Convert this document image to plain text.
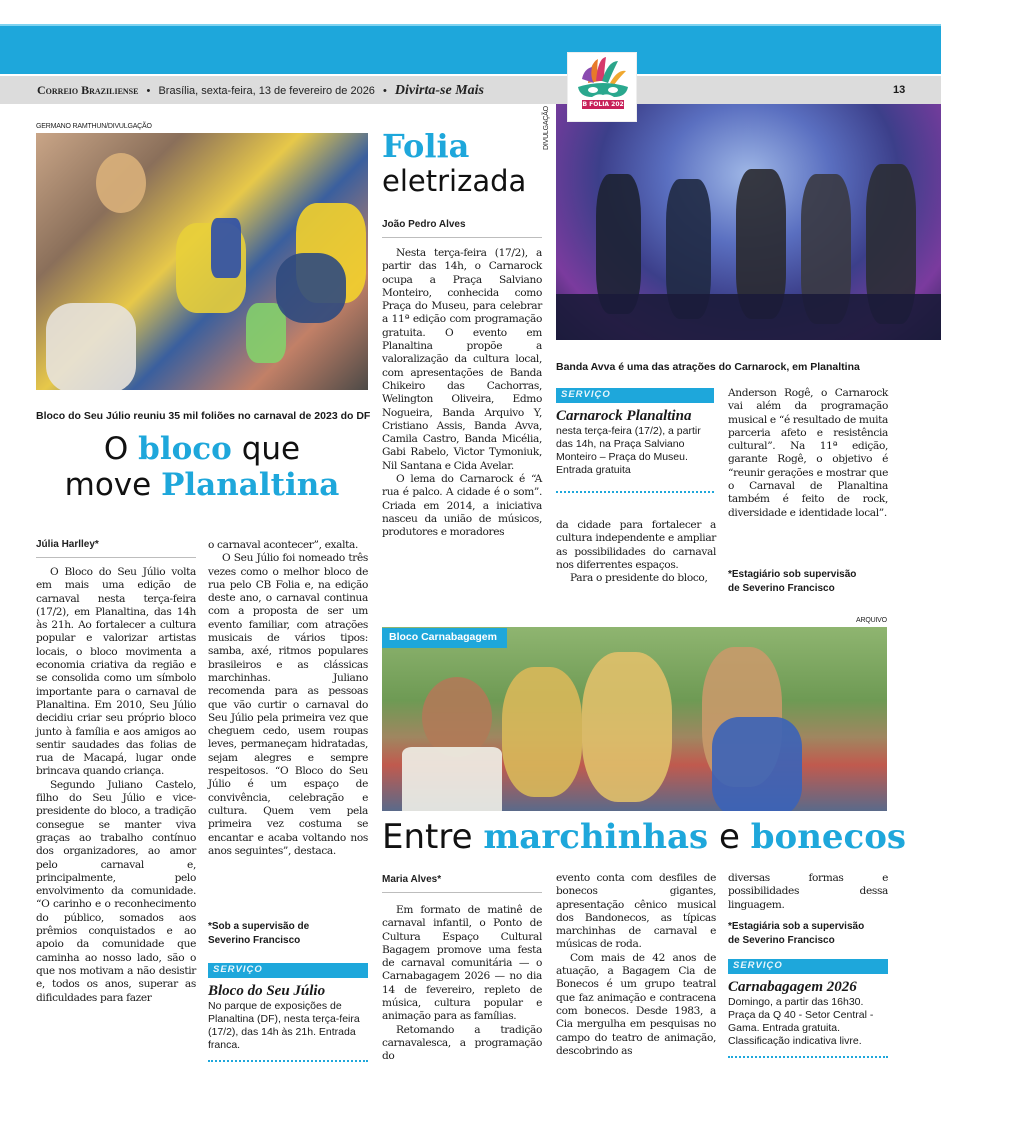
Correio Braziliense • Brasília, sexta-feira, 13 de fevereiro de 2026 • Divirta-se Mais	13
CB FOLIA 2026
GERMANO RAMTHUN/DIVULGAÇÃO
Bloco do Seu Júlio reuniu 35 mil foliões no carnaval de 2023 do DF
O bloco que
move Planaltina
Júlia Harlley*

O Bloco do Seu Júlio volta em mais uma edição de carnaval nesta terça-feira (17/2), em Planaltina, das 14h às 21h. Ao fortalecer a cultura popular e valorizar artistas locais, o bloco movimenta a economia criativa da região e se consolida como um símbolo importante para o carnaval de Planaltina. Em 2010, Seu Júlio decidiu criar seu próprio bloco junto à família e aos amigos ao sentir saudades das folias de rua de Macapá, lugar onde brincava quando criança.

Segundo Juliano Castelo, filho do Seu Júlio e vice-presidente do bloco, a tradição consegue se manter viva graças ao trabalho contínuo dos organizadores, ao amor pelo carnaval e, principalmente, pelo envolvimento da comunidade. “O carinho e o reconhecimento do público, somados aos prêmios conquistados e ao apoio da comunidade que caminha ao nosso lado, são o que nos motivam a não desistir e, todos os anos, superar as dificuldades para fazer

o carnaval acontecer”, exalta.

O Seu Júlio foi nomeado três vezes como o melhor bloco de rua pelo CB Folia e, na edição deste ano, o carnaval continua com a proposta de ser um evento familiar, com atrações musicais de vários tipos: samba, axé, ritmos populares brasileiros e as clássicas marchinhas. Juliano recomenda para as pessoas que vão curtir o carnaval do Seu Júlio pela primeira vez que cheguem cedo, usem roupas leves, permaneçam hidratadas, sejam alegres e sempre respeitosos. “O Bloco do Seu Júlio é um espaço de convivência, celebração e cultura. Quem vem pela primeira vez costuma se encantar e acaba voltando nos anos seguintes”, destaca.

*Sob a supervisão de
Severino Francisco
SERVIÇO
Bloco do Seu Júlio
No parque de exposições de Planaltina (DF), nesta terça-feira (17/2), das 14h às 21h. Entrada franca.
Folia
eletrizada
João Pedro Alves

Nesta terça-feira (17/2), a partir das 14h, o Carnarock ocupa a Praça Salviano Monteiro, conhecida como Praça do Museu, para celebrar a 11ª edição com programação gratuita. O evento em Planaltina propõe a valoralização da cultura local, com apresentações de Banda Chikeiro das Cachorras, Welington Oliveira, Edmo Nogueira, Banda Arquivo Y, Cristiano Assis, Banda Avva, Camila Castro, Banda Micélia, Gabi Rabelo, Victor Tymoniuk, Nil Santana e Cida Avelar.

O lema do Carnarock é “A rua é palco. A cidade é o som”. Criada em 2014, a iniciativa nasceu da união de músicos, produtores e moradores

DIVULGAÇÃO
Banda Avva é uma das atrações do Carnarock, em Planaltina
SERVIÇO
Carnarock Planaltina
nesta terça-feira (17/2), a partir das 14h, na Praça Salviano Monteiro – Praça do Museu. Entrada gratuita

da cidade para fortalecer a cultura independente e ampliar as possibilidades do carnaval nos diferrentes espaços.

Para o presidente do bloco,

Anderson Rogê, o Carnarock vai além da programação musical e “é resultado de muita parceria afeto e resistência cultural”. Na 11ª edição, garante Rogê, o objetivo é “reunir gerações e mostrar que o Carnaval de Planaltina também é feito de rock, diversidade e identidade local”.

*Estagiário sob supervisão
de Severino Francisco
ARQUIVO
Bloco Carnabagagem
Entre marchinhas e bonecos
Maria Alves*

Em formato de matinê de carnaval infantil, o Ponto de Cultura Espaço Cultural Bagagem promove uma festa de carnaval comunitária — o Carnabagagem 2026 — no dia 14 de fevereiro, repleto de música, cultura popular e animação para as famílias.

Retomando a tradição carnavalesca, a programação do

evento conta com desfiles de bonecos gigantes, apresentação cênico musical dos Bandonecos, as típicas marchinhas de carnaval e músicas de roda.

Com mais de 42 anos de atuação, a Bagagem Cia de Bonecos é um grupo teatral que faz animação e contracena com bonecos. Desde 1983, a Cia mergulha em pesquisas no campo do teatro de animação, descobrindo as

diversas formas e possibilidades dessa linguagem.

*Estagiária sob a supervisão
de Severino Francisco
SERVIÇO
Carnabagagem 2026
Domingo, a partir das 16h30. Praça da Q 40 - Setor Central - Gama. Entrada gratuita. Classificação indicativa livre.
